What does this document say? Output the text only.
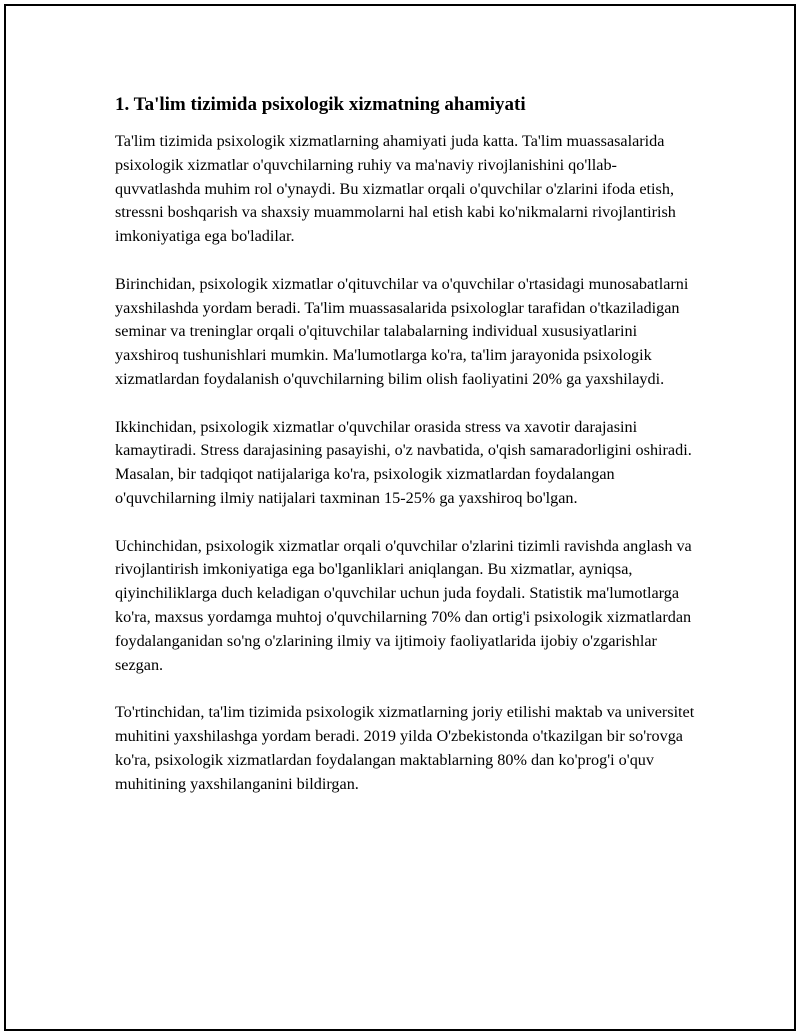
1. Ta'lim tizimida psixologik xizmatning ahamiyati

Ta'lim tizimida psixologik xizmatlarning ahamiyati juda katta. Ta'lim muassasalarida psixologik xizmatlar o'quvchilarning ruhiy va ma'naviy rivojlanishini qo'llab-quvvatlashda muhim rol o'ynaydi. Bu xizmatlar orqali o'quvchilar o'zlarini ifoda etish, stressni boshqarish va shaxsiy muammolarni hal etish kabi ko'nikmalarni rivojlantirish imkoniyatiga ega bo'ladilar.

Birinchidan, psixologik xizmatlar o'qituvchilar va o'quvchilar o'rtasidagi munosabatlarni yaxshilashda yordam beradi. Ta'lim muassasalarida psixologlar tarafidan o'tkaziladigan seminar va treninglar orqali o'qituvchilar talabalarning individual xususiyatlarini yaxshiroq tushunishlari mumkin. Ma'lumotlarga ko'ra, ta'lim jarayonida psixologik xizmatlardan foydalanish o'quvchilarning bilim olish faoliyatini 20% ga yaxshilaydi.

Ikkinchidan, psixologik xizmatlar o'quvchilar orasida stress va xavotir darajasini kamaytiradi. Stress darajasining pasayishi, o'z navbatida, o'qish samaradorligini oshiradi. Masalan, bir tadqiqot natijalariga ko'ra, psixologik xizmatlardan foydalangan o'quvchilarning ilmiy natijalari taxminan 15-25% ga yaxshiroq bo'lgan.

Uchinchidan, psixologik xizmatlar orqali o'quvchilar o'zlarini tizimli ravishda anglash va rivojlantirish imkoniyatiga ega bo'lganliklari aniqlangan. Bu xizmatlar, ayniqsa, qiyinchiliklarga duch keladigan o'quvchilar uchun juda foydali. Statistik ma'lumotlarga ko'ra, maxsus yordamga muhtoj o'quvchilarning 70% dan ortig'i psixologik xizmatlardan foydalanganidan so'ng o'zlarining ilmiy va ijtimoiy faoliyatlarida ijobiy o'zgarishlar sezgan.

To'rtinchidan, ta'lim tizimida psixologik xizmatlarning joriy etilishi maktab va universitet muhitini yaxshilashga yordam beradi. 2019 yilda O'zbekistonda o'tkazilgan bir so'rovga ko'ra, psixologik xizmatlardan foydalangan maktablarning 80% dan ko'prog'i o'quv muhitining yaxshilanganini bildirgan.
